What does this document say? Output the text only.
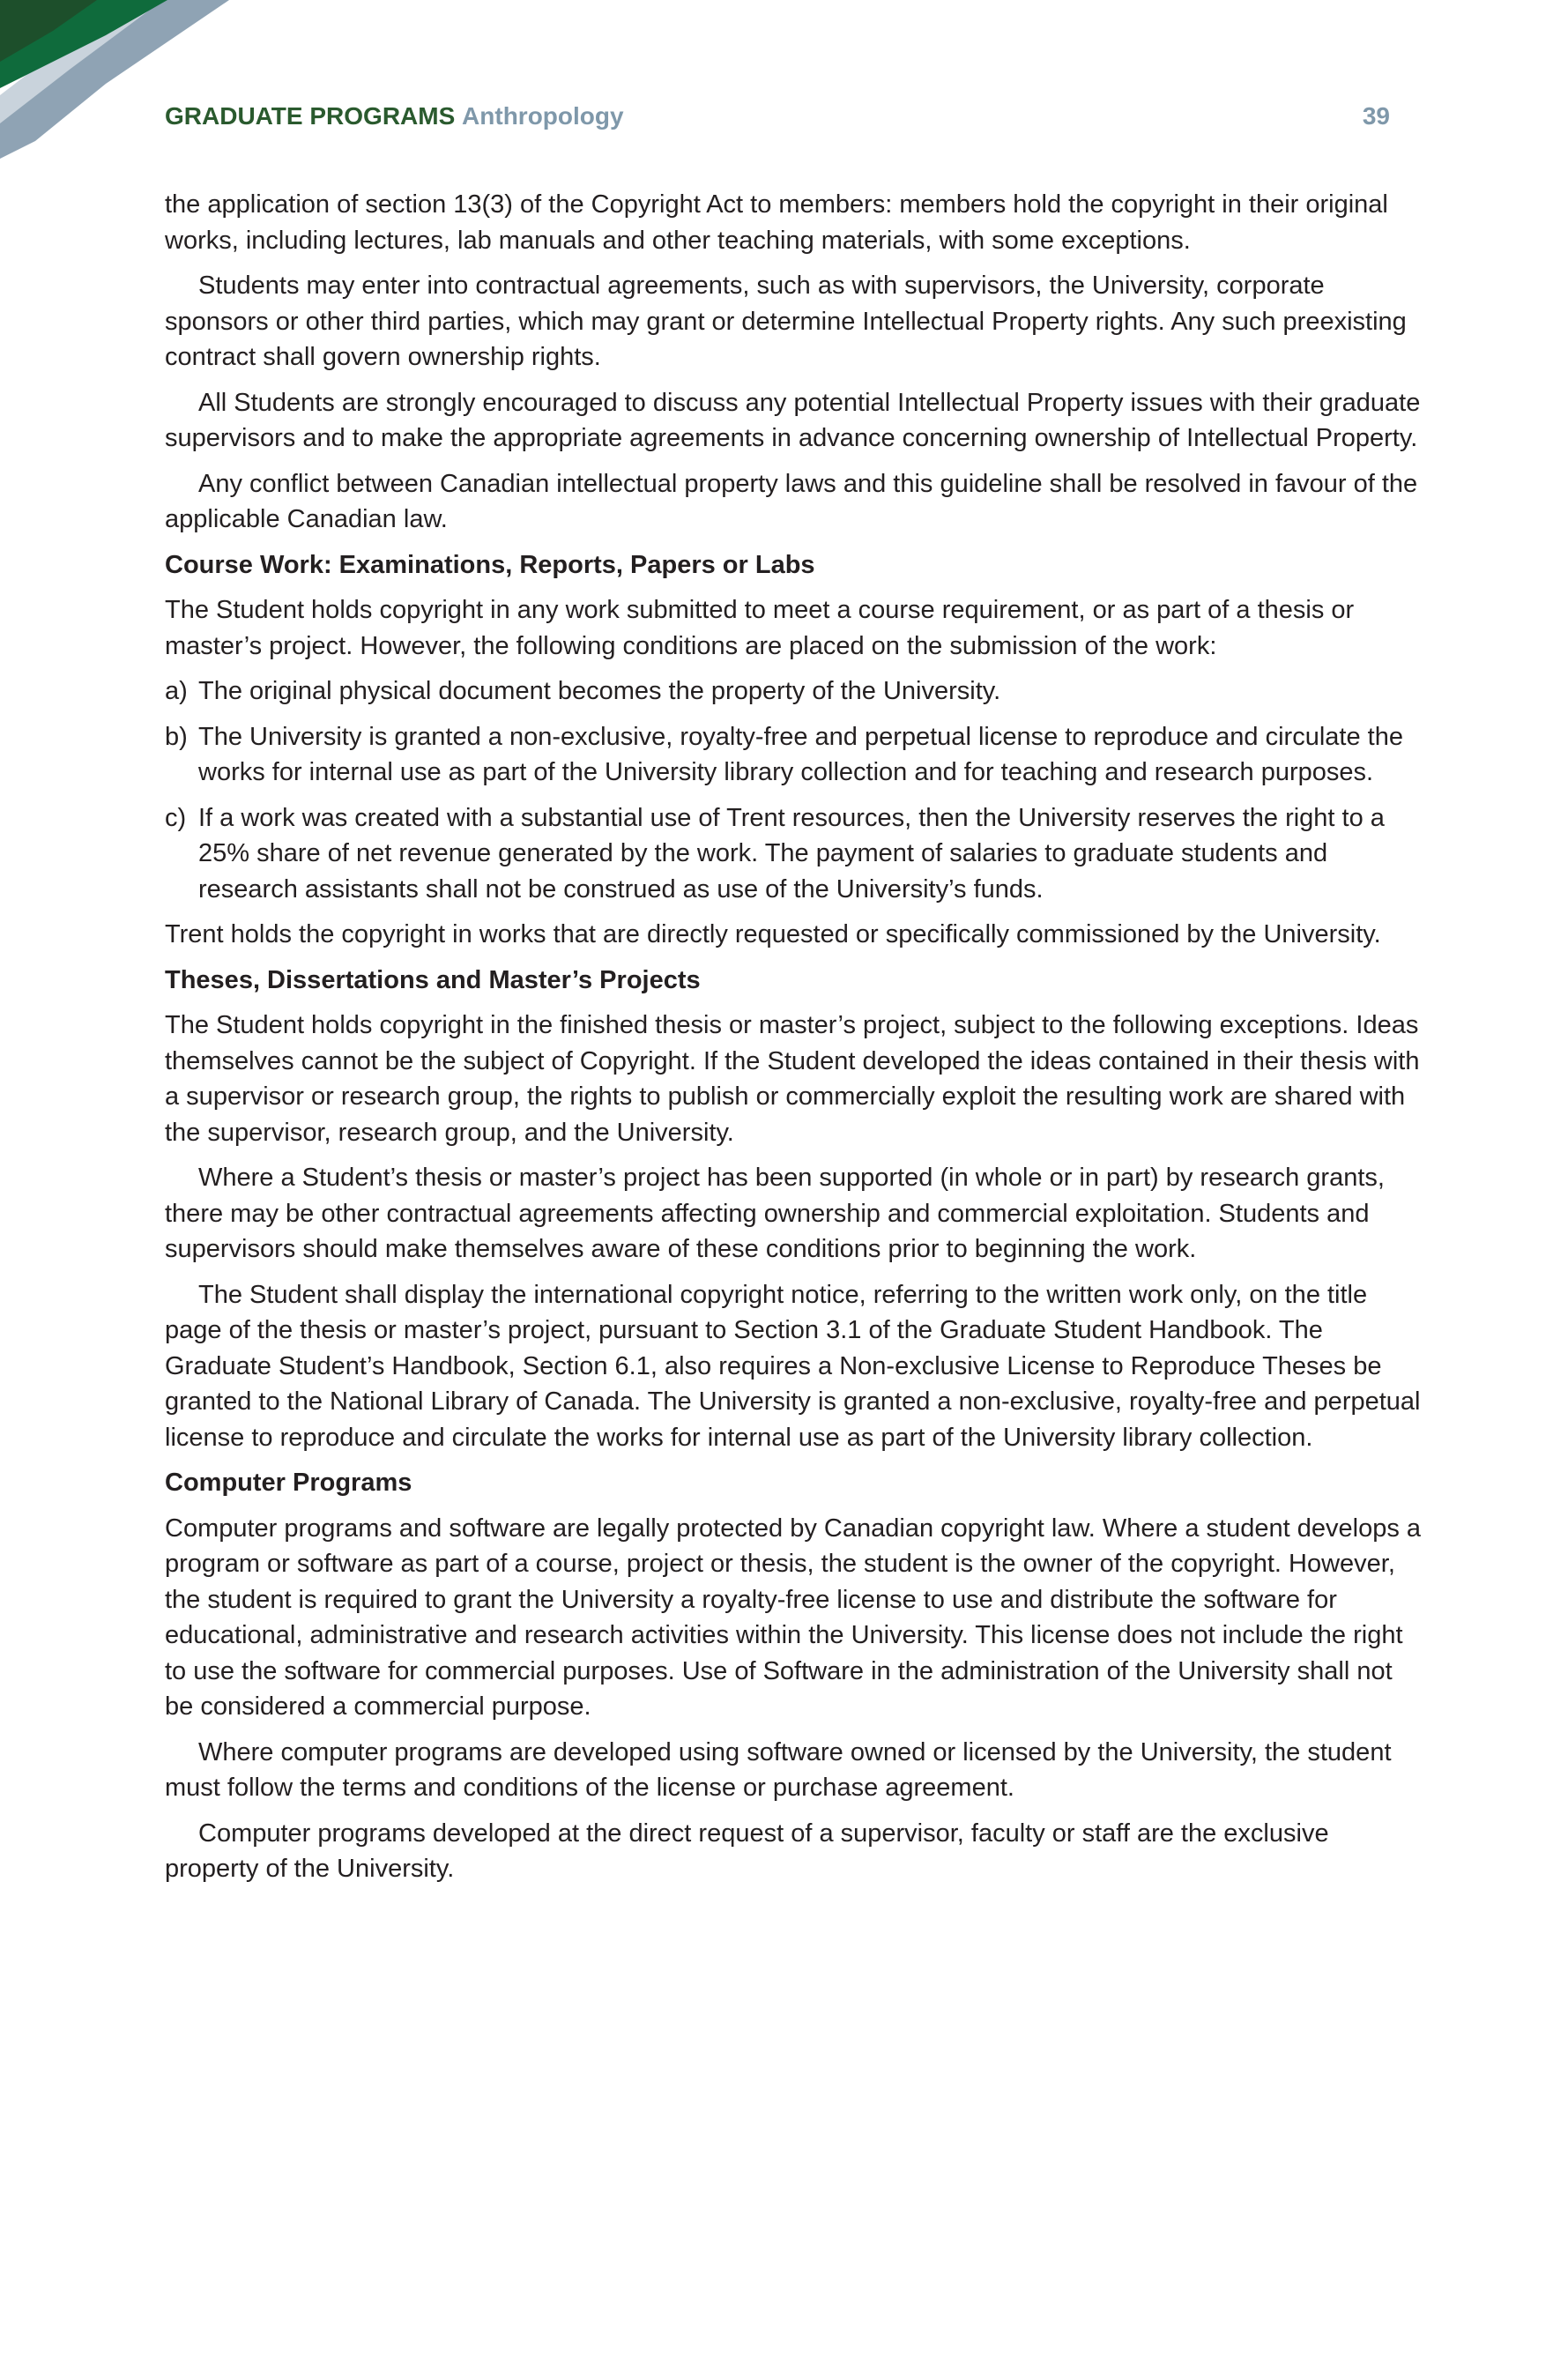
GRADUATE PROGRAMS Anthropology	39

the application of section 13(3) of the Copyright Act to members: members hold the copyright in their original works, including lectures, lab manuals and other teaching materials, with some exceptions.

Students may enter into contractual agreements, such as with supervisors, the University, corporate sponsors or other third parties, which may grant or determine Intellectual Property rights. Any such preexisting contract shall govern ownership rights.

All Students are strongly encouraged to discuss any potential Intellectual Property issues with their graduate supervisors and to make the appropriate agreements in advance concerning ownership of Intellectual Property.

Any conflict between Canadian intellectual property laws and this guideline shall be resolved in favour of the applicable Canadian law.

Course Work: Examinations, Reports, Papers or Labs

The Student holds copyright in any work submitted to meet a course requirement, or as part of a thesis or master’s project. However, the following conditions are placed on the submission of the work:

a) The original physical document becomes the property of the University.
b) The University is granted a non-exclusive, royalty-free and perpetual license to reproduce and circulate the works for internal use as part of the University library collection and for teaching and research purposes.
c) If a work was created with a substantial use of Trent resources, then the University reserves the right to a 25% share of net revenue generated by the work. The payment of salaries to graduate students and research assistants shall not be construed as use of the University’s funds.

Trent holds the copyright in works that are directly requested or specifically commissioned by the University.

Theses, Dissertations and Master’s Projects

The Student holds copyright in the finished thesis or master’s project, subject to the following exceptions. Ideas themselves cannot be the subject of Copyright. If the Student developed the ideas contained in their thesis with a supervisor or research group, the rights to publish or commercially exploit the resulting work are shared with the supervisor, research group, and the University.

Where a Student’s thesis or master’s project has been supported (in whole or in part) by research grants, there may be other contractual agreements affecting ownership and commercial exploitation. Students and supervisors should make themselves aware of these conditions prior to beginning the work.

The Student shall display the international copyright notice, referring to the written work only, on the title page of the thesis or master’s project, pursuant to Section 3.1 of the Graduate Student Handbook. The Graduate Student’s Handbook, Section 6.1, also requires a Non-exclusive License to Reproduce Theses be granted to the National Library of Canada. The University is granted a non-exclusive, royalty-free and perpetual license to reproduce and circulate the works for internal use as part of the University library collection.

Computer Programs

Computer programs and software are legally protected by Canadian copyright law. Where a student develops a program or software as part of a course, project or thesis, the student is the owner of the copyright. However, the student is required to grant the University a royalty-free license to use and distribute the software for educational, administrative and research activities within the University. This license does not include the right to use the software for commercial purposes. Use of Software in the administration of the University shall not be considered a commercial purpose.

Where computer programs are developed using software owned or licensed by the University, the student must follow the terms and conditions of the license or purchase agreement.

Computer programs developed at the direct request of a supervisor, faculty or staff are the exclusive property of the University.
